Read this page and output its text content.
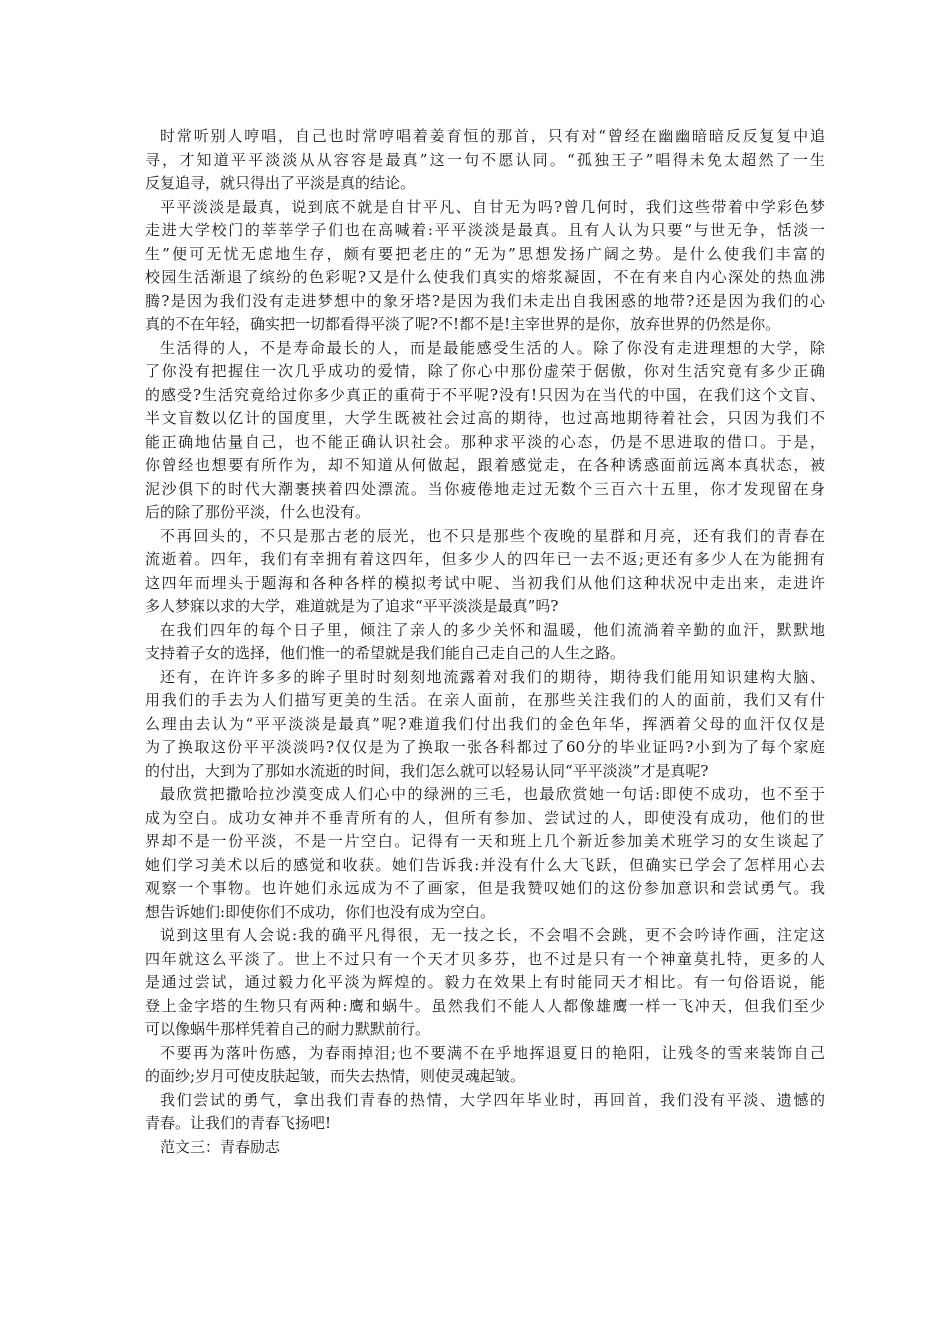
时常听别人哼唱，自己也时常哼唱着姜育恒的那首，只有对“曾经在幽幽暗暗反反复复中追
寻，才知道平平淡淡从从容容是最真”这一句不愿认同。“孤独王子”唱得未免太超然了一生
反复追寻，就只得出了平淡是真的结论。
平平淡淡是最真，说到底不就是自甘平凡、自甘无为吗?曾几何时，我们这些带着中学彩色梦
走进大学校门的莘莘学子们也在高喊着:平平淡淡是最真。且有人认为只要“与世无争，恬淡一
生”便可无忧无虑地生存，颇有要把老庄的“无为”思想发扬广阔之势。是什么使我们丰富的
校园生活渐退了缤纷的色彩呢?又是什么使我们真实的熔浆凝固，不在有来自内心深处的热血沸
腾?是因为我们没有走进梦想中的象牙塔?是因为我们未走出自我困惑的地带?还是因为我们的心
真的不在年轻，确实把一切都看得平淡了呢?不!都不是!主宰世界的是你，放弃世界的仍然是你。
生活得的人，不是寿命最长的人，而是最能感受生活的人。除了你没有走进理想的大学，除
了你没有把握住一次几乎成功的爱情，除了你心中那份虚荣于倨傲，你对生活究竟有多少正确
的感受?生活究竟给过你多少真正的重荷于不平呢?没有!只因为在当代的中国，在我们这个文盲、
半文盲数以亿计的国度里，大学生既被社会过高的期待，也过高地期待着社会，只因为我们不
能正确地估量自己，也不能正确认识社会。那种求平淡的心态，仍是不思进取的借口。于是，
你曾经也想要有所作为，却不知道从何做起，跟着感觉走，在各种诱惑面前远离本真状态，被
泥沙俱下的时代大潮裹挟着四处漂流。当你疲倦地走过无数个三百六十五里，你才发现留在身
后的除了那份平淡，什么也没有。
不再回头的，不只是那古老的辰光，也不只是那些个夜晚的星群和月亮，还有我们的青春在
流逝着。四年，我们有幸拥有着这四年，但多少人的四年已一去不返;更还有多少人在为能拥有
这四年而埋头于题海和各种各样的模拟考试中呢、当初我们从他们这种状况中走出来，走进许
多人梦寐以求的大学，难道就是为了追求“平平淡淡是最真”吗?
在我们四年的每个日子里，倾注了亲人的多少关怀和温暖，他们流淌着辛勤的血汗，默默地
支持着子女的选择，他们惟一的希望就是我们能自己走自己的人生之路。
还有，在许许多多的眸子里时时刻刻地流露着对我们的期待，期待我们能用知识建构大脑、
用我们的手去为人们描写更美的生活。在亲人面前，在那些关注我们的人的面前，我们又有什
么理由去认为“平平淡淡是最真”呢?难道我们付出我们的金色年华，挥洒着父母的血汗仅仅是
为了换取这份平平淡淡吗?仅仅是为了换取一张各科都过了60分的毕业证吗?小到为了每个家庭
的付出，大到为了那如水流逝的时间，我们怎么就可以轻易认同“平平淡淡”才是真呢?
最欣赏把撒哈拉沙漠变成人们心中的绿洲的三毛，也最欣赏她一句话:即使不成功，也不至于
成为空白。成功女神并不垂青所有的人，但所有参加、尝试过的人，即使没有成功，他们的世
界却不是一份平淡，不是一片空白。记得有一天和班上几个新近参加美术班学习的女生谈起了
她们学习美术以后的感觉和收获。她们告诉我:并没有什么大飞跃，但确实已学会了怎样用心去
观察一个事物。也许她们永远成为不了画家，但是我赞叹她们的这份参加意识和尝试勇气。我
想告诉她们:即使你们不成功，你们也没有成为空白。
说到这里有人会说:我的确平凡得很，无一技之长，不会唱不会跳，更不会吟诗作画，注定这
四年就这么平淡了。世上不过只有一个天才贝多芬，也不过是只有一个神童莫扎特，更多的人
是通过尝试，通过毅力化平淡为辉煌的。毅力在效果上有时能同天才相比。有一句俗语说，能
登上金字塔的生物只有两种:鹰和蜗牛。虽然我们不能人人都像雄鹰一样一飞冲天，但我们至少
可以像蜗牛那样凭着自己的耐力默默前行。
不要再为落叶伤感，为春雨掉泪;也不要满不在乎地挥退夏日的艳阳，让残冬的雪来装饰自己
的面纱;岁月可使皮肤起皱，而失去热情，则使灵魂起皱。
我们尝试的勇气，拿出我们青春的热情，大学四年毕业时，再回首，我们没有平淡、遗憾的
青春。让我们的青春飞扬吧!
范文三：青春励志
